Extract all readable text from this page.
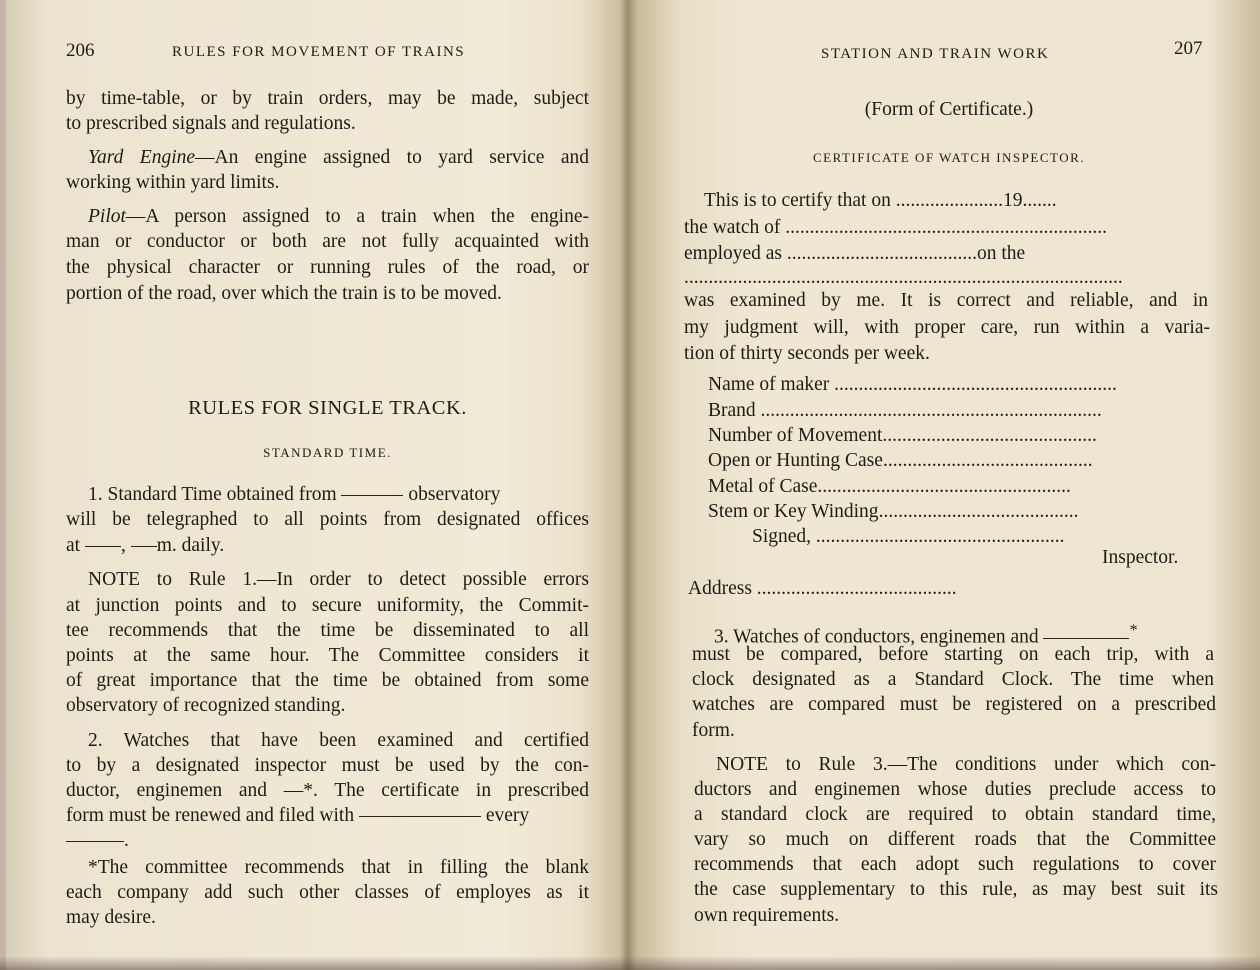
206	RULES FOR MOVEMENT OF TRAINS
by time-table, or by train orders, may be made, subject
to prescribed signals and regulations.
Yard Engine—An engine assigned to yard service and
working within yard limits.
Pilot—A person assigned to a train when the engine-
man or conductor or both are not fully acquainted with
the physical character or running rules of the road, or
portion of the road, over which the train is to be moved.
RULES FOR SINGLE TRACK.
STANDARD TIME.
1. Standard Time obtained from	observatory
will be telegraphed to all points from designated offices
at , m. daily.
NOTE to Rule 1.—In order to detect possible errors
at junction points and to secure uniformity, the Commit-
tee recommends that the time be disseminated to all
points at the same hour. The Committee considers it
of great importance that the time be obtained from some
observatory of recognized standing.
2. Watches that have been examined and certified
to by a designated inspector must be used by the con-
ductor, enginemen and —*. The certificate in prescribed
form must be renewed and filed with	every
.
*The committee recommends that in filling the blank
each company add such other classes of employes as it
may desire.
STATION AND TRAIN WORK	207
(Form of Certificate.)
CERTIFICATE OF WATCH INSPECTOR.
This is to certify that on ......................19.......
the watch of ..................................................................
employed as .......................................on the
..........................................................................................
was examined by me. It is correct and reliable, and in
my judgment will, with proper care, run within a varia-
tion of thirty seconds per week.
Name of maker ..........................................................
Brand ......................................................................
Number of Movement............................................
Open or Hunting Case...........................................
Metal of Case....................................................
Stem or Key Winding.........................................
Signed, ...................................................
Inspector.
Address .........................................
3. Watches of conductors, enginemen and	*
must be compared, before starting on each trip, with a
clock designated as a Standard Clock. The time when
watches are compared must be registered on a prescribed
form.
NOTE to Rule 3.—The conditions under which con-
ductors and enginemen whose duties preclude access to
a standard clock are required to obtain standard time,
vary so much on different roads that the Committee
recommends that each adopt such regulations to cover
the case supplementary to this rule, as may best suit its
own requirements.
